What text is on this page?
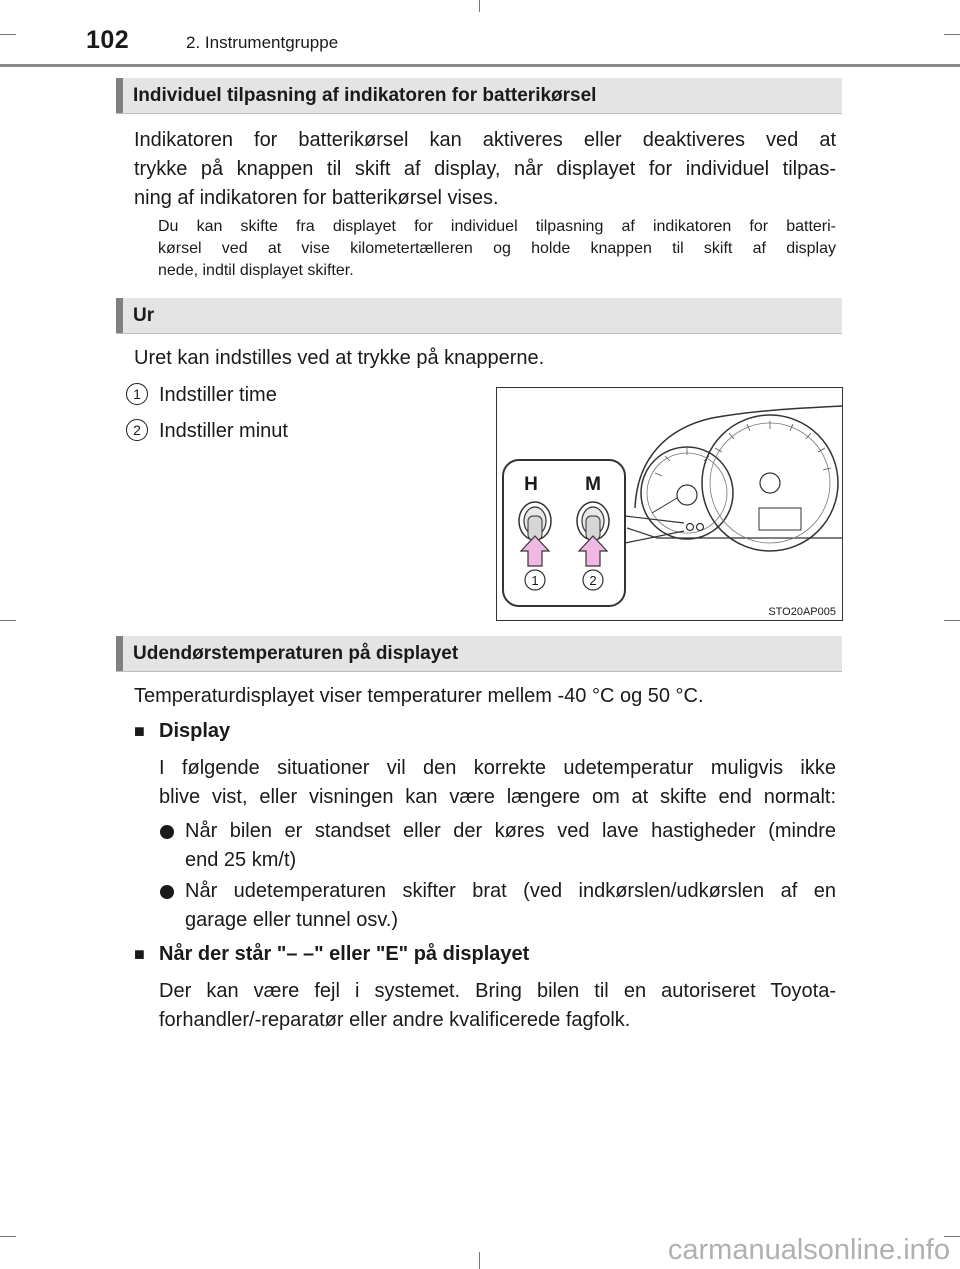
102	2. Instrumentgruppe
Individuel tilpasning af indikatoren for batterikørsel
Indikatoren for batterikørsel kan aktiveres eller deaktiveres ved at
trykke på knappen til skift af display, når displayet for individuel tilpas-
ning af indikatoren for batterikørsel vises.
Du kan skifte fra displayet for individuel tilpasning af indikatoren for batteri-
kørsel ved at vise kilometertælleren og holde knappen til skift af display
nede, indtil displayet skifter.
Ur
Uret kan indstilles ved at trykke på knapperne.
1 Indstiller time
2 Indstiller minut
H M
1	2
STO20AP005
Udendørstemperaturen på displayet
Temperaturdisplayet viser temperaturer mellem -40 °C og 50 °C.
■ Display
I følgende situationer vil den korrekte udetemperatur muligvis ikke
blive vist, eller visningen kan være længere om at skifte end normalt:
Når bilen er standset eller der køres ved lave hastigheder (mindre
end 25 km/t)
Når udetemperaturen skifter brat (ved indkørslen/udkørslen af en
garage eller tunnel osv.)
■ Når der står "– –" eller "E" på displayet
Der kan være fejl i systemet. Bring bilen til en autoriseret Toyota-
forhandler/-reparatør eller andre kvalificerede fagfolk.
carmanualsonline.info
